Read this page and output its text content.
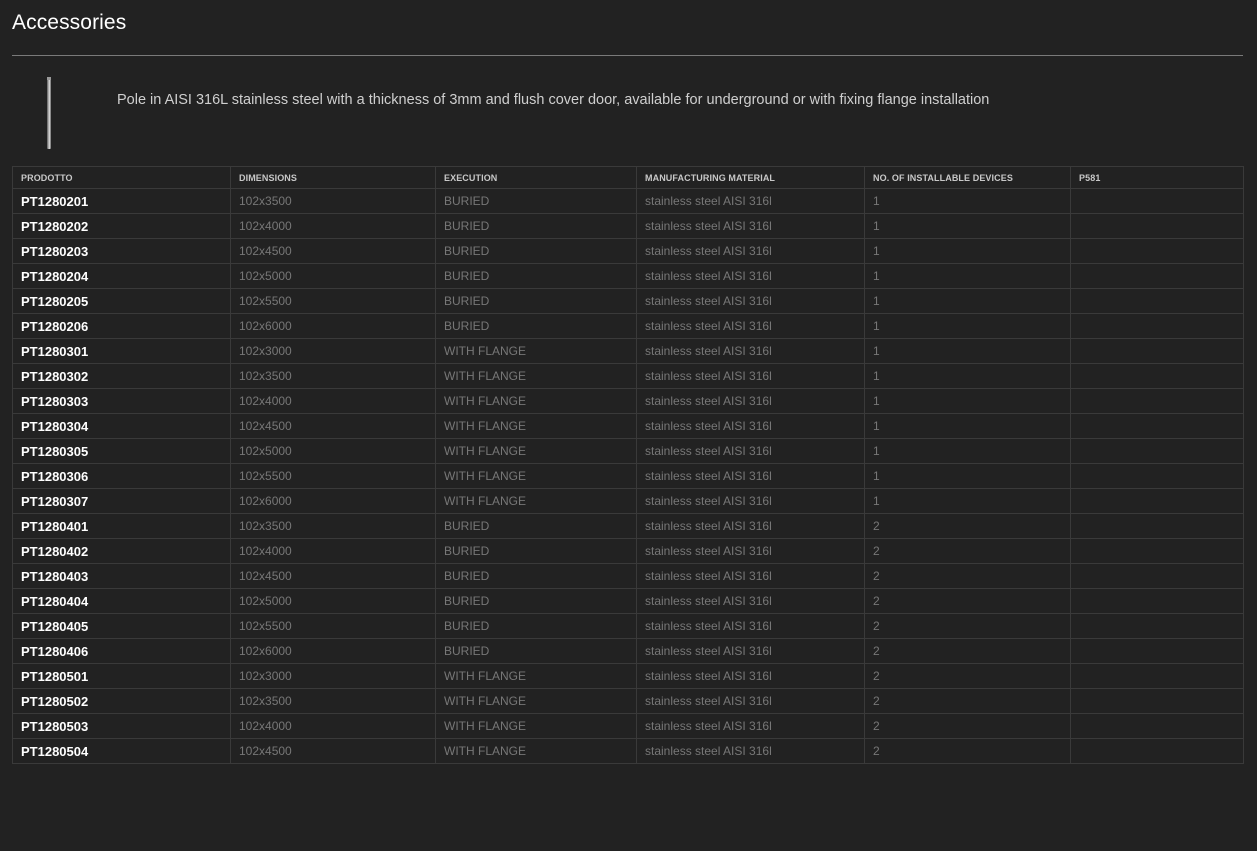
Accessories

Pole in AISI 316L stainless steel with a thickness of 3mm and flush cover door, available for underground or with fixing flange installation

PRODOTTO	DIMENSIONS	EXECUTION	MANUFACTURING MATERIAL	NO. OF INSTALLABLE DEVICES	P581
PT1280201	102x3500	BURIED	stainless steel AISI 316l	1	
PT1280202	102x4000	BURIED	stainless steel AISI 316l	1	
PT1280203	102x4500	BURIED	stainless steel AISI 316l	1	
PT1280204	102x5000	BURIED	stainless steel AISI 316l	1	
PT1280205	102x5500	BURIED	stainless steel AISI 316l	1	
PT1280206	102x6000	BURIED	stainless steel AISI 316l	1	
PT1280301	102x3000	WITH FLANGE	stainless steel AISI 316l	1	
PT1280302	102x3500	WITH FLANGE	stainless steel AISI 316l	1	
PT1280303	102x4000	WITH FLANGE	stainless steel AISI 316l	1	
PT1280304	102x4500	WITH FLANGE	stainless steel AISI 316l	1	
PT1280305	102x5000	WITH FLANGE	stainless steel AISI 316l	1	
PT1280306	102x5500	WITH FLANGE	stainless steel AISI 316l	1	
PT1280307	102x6000	WITH FLANGE	stainless steel AISI 316l	1	
PT1280401	102x3500	BURIED	stainless steel AISI 316l	2	
PT1280402	102x4000	BURIED	stainless steel AISI 316l	2	
PT1280403	102x4500	BURIED	stainless steel AISI 316l	2	
PT1280404	102x5000	BURIED	stainless steel AISI 316l	2	
PT1280405	102x5500	BURIED	stainless steel AISI 316l	2	
PT1280406	102x6000	BURIED	stainless steel AISI 316l	2	
PT1280501	102x3000	WITH FLANGE	stainless steel AISI 316l	2	
PT1280502	102x3500	WITH FLANGE	stainless steel AISI 316l	2	
PT1280503	102x4000	WITH FLANGE	stainless steel AISI 316l	2	
PT1280504	102x4500	WITH FLANGE	stainless steel AISI 316l	2	
